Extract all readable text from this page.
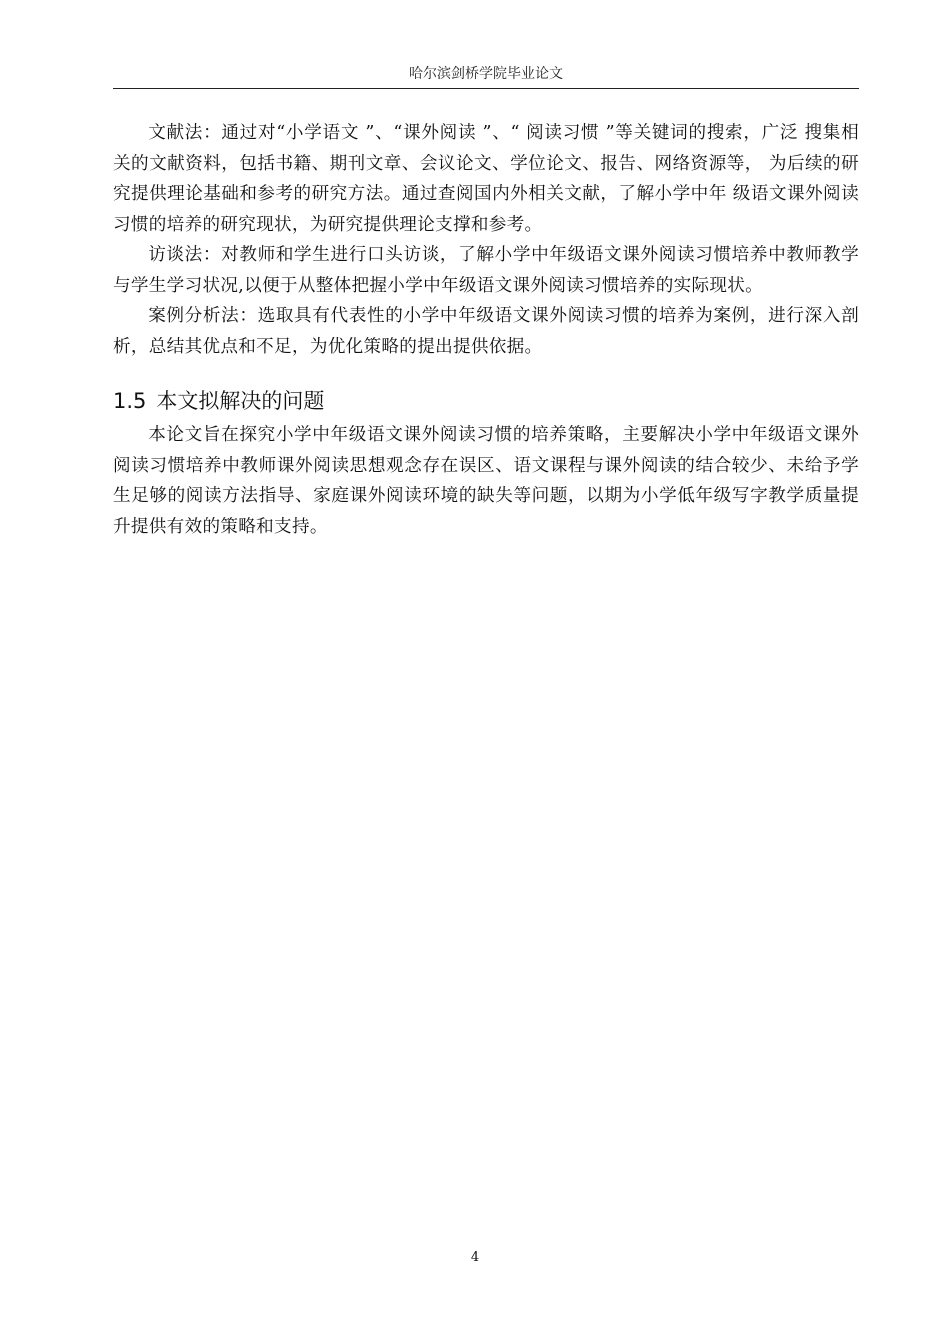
哈尔滨剑桥学院毕业论文

文献法：通过对“小学语文 ”、“课外阅读 ”、“ 阅读习惯 ”等关键词的搜索，广泛 搜集相关的文献资料，包括书籍、期刊文章、会议论文、学位论文、报告、网络资源等， 为后续的研究提供理论基础和参考的研究方法。通过查阅国内外相关文献，了解小学中年 级语文课外阅读习惯的培养的研究现状，为研究提供理论支撑和参考。

访谈法：对教师和学生进行口头访谈，了解小学中年级语文课外阅读习惯培养中教师教学与学生学习状况,以便于从整体把握小学中年级语文课外阅读习惯培养的实际现状。

案例分析法：选取具有代表性的小学中年级语文课外阅读习惯的培养为案例，进行深入剖析，总结其优点和不足，为优化策略的提出提供依据。

1.5 本文拟解决的问题

本论文旨在探究小学中年级语文课外阅读习惯的培养策略，主要解决小学中年级语文课外阅读习惯培养中教师课外阅读思想观念存在误区、语文课程与课外阅读的结合较少、未给予学生足够的阅读方法指导、家庭课外阅读环境的缺失等问题，以期为小学低年级写字教学质量提升提供有效的策略和支持。

4
